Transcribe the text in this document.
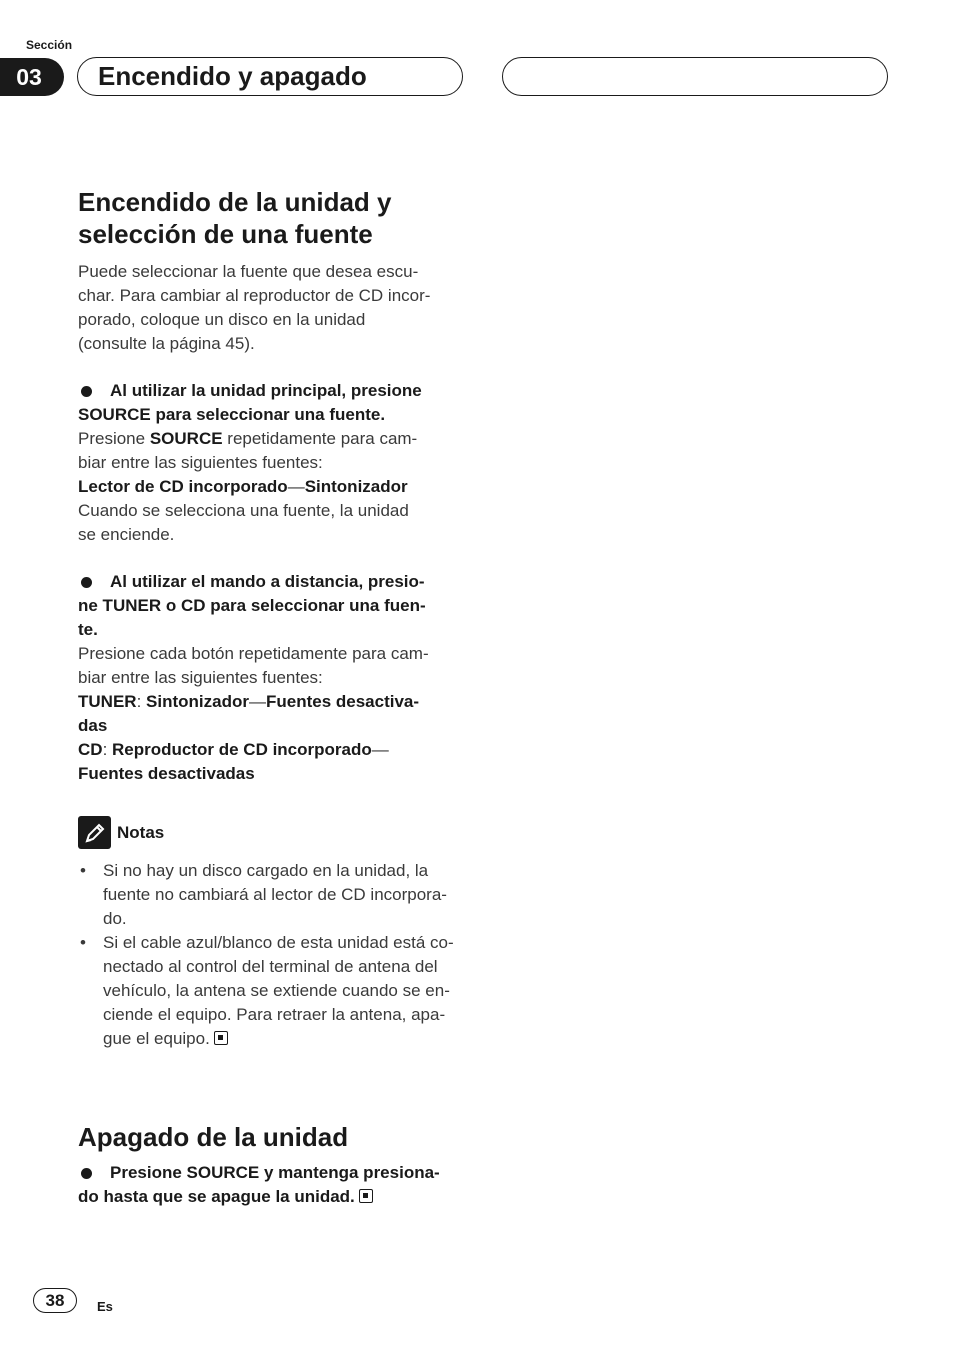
Sección
03	Encendido y apagado
Encendido de la unidad y
selección de una fuente

Puede seleccionar la fuente que desea escu-

char. Para cambiar al reproductor de CD incor-

porado, coloque un disco en la unidad

(consulte la página 45).

Al utilizar la unidad principal, presione

SOURCE para seleccionar una fuente.

Presione SOURCE repetidamente para cam-

biar entre las siguientes fuentes:

Lector de CD incorporado—Sintonizador

Cuando se selecciona una fuente, la unidad

se enciende.

Al utilizar el mando a distancia, presio-

ne TUNER o CD para seleccionar una fuen-

te.

Presione cada botón repetidamente para cam-

biar entre las siguientes fuentes:

TUNER: Sintonizador—Fuentes desactiva-

das

CD: Reproductor de CD incorporado—

Fuentes desactivadas

Notas
• Si no hay un disco cargado en la unidad, la
fuente no cambiará al lector de CD incorpora-
do.
• Si el cable azul/blanco de esta unidad está co-
nectado al control del terminal de antena del
vehículo, la antena se extiende cuando se en-
ciende el equipo. Para retraer la antena, apa-
gue el equipo.
Apagado de la unidad

Presione SOURCE y mantenga presiona-

do hasta que se apague la unidad.

38	Es
